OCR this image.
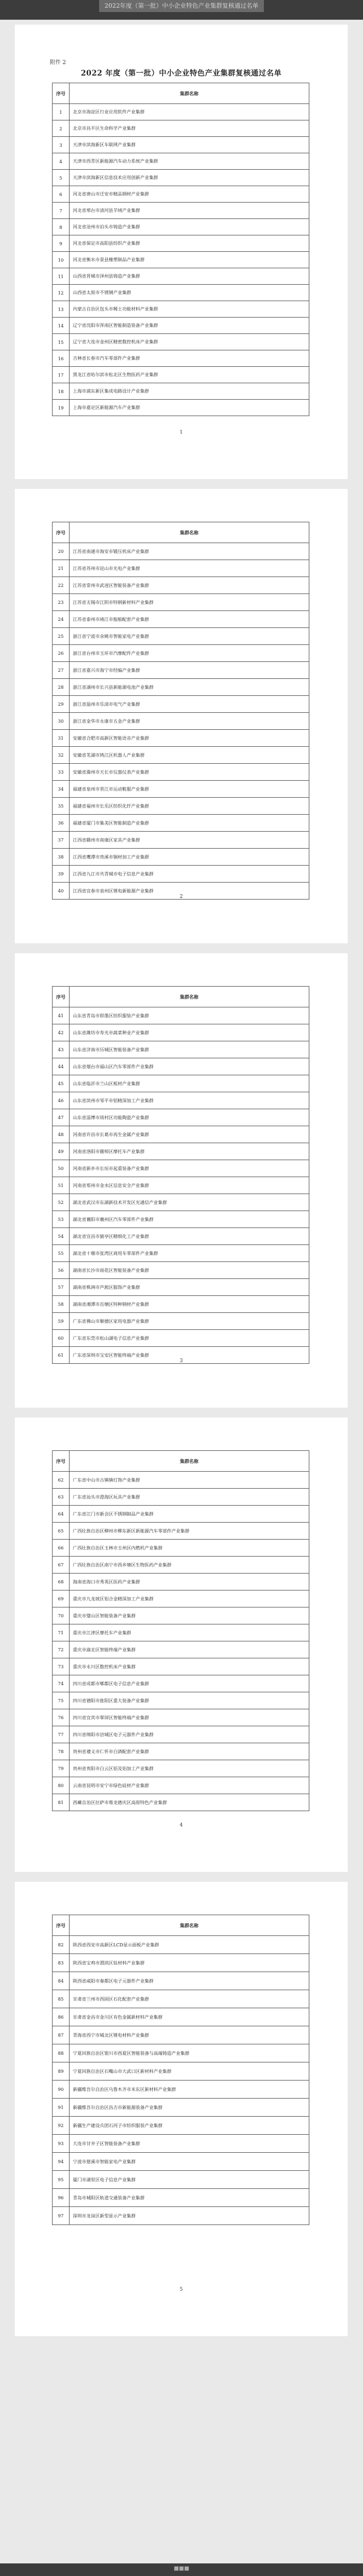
2022年度（第一批）中小企业特色产业集群复核通过名单
附件 2
2022 年度（第一批）中小企业特色产业集群复核通过名单
序号	集群名称
1	北京市海淀区行业应用软件产业集群
2	北京市昌平区生命科学产业集群
3	天津市滨海新区车联网产业集群
4	天津市西青区新能源汽车动力系统产业集群
5	天津市滨海新区信息技术应用创新产业集群
6	河北省唐山市迁安市精品钢材产业集群
7	河北省邢台市清河县羊绒产业集群
8	河北省沧州市泊头市铸造产业集群
9	河北省保定市高阳县纺织产业集群
10	河北省衡水市景县橡塑制品产业集群
11	山西省晋城市泽州县铸造产业集群
12	山西省太原市不锈钢产业集群
13	内蒙古自治区包头市稀土功能材料产业集群
14	辽宁省沈阳市浑南区智能制造装备产业集群
15	辽宁省大连市金州区精密数控机床产业集群
16	吉林省长春市汽车零部件产业集群
17	黑龙江省哈尔滨市松北区生物医药产业集群
18	上海市浦东新区集成电路设计产业集群
19	上海市嘉定区新能源汽车产业集群
1
序号	集群名称
20	江苏省南通市海安市锻压机床产业集群
21	江苏省苏州市昆山市光电产业集群
22	江苏省常州市武进区智能装备产业集群
23	江苏省无锡市江阴市特钢新材料产业集群
24	江苏省泰州市靖江市船舶配套产业集群
25	浙江省宁波市余姚市智能家电产业集群
26	浙江省台州市玉环市汽摩配件产业集群
27	浙江省嘉兴市海宁市经编产业集群
28	浙江省湖州市长兴县新能源电池产业集群
29	浙江省温州市乐清市电气产业集群
30	浙江省金华市永康市五金产业集群
31	安徽省合肥市高新区智能语音产业集群
32	安徽省芜湖市鸠江区机器人产业集群
33	安徽省滁州市天长市仪器仪表产业集群
34	福建省泉州市晋江市运动鞋服产业集群
35	福建省福州市长乐区纺织化纤产业集群
36	福建省厦门市集美区智能制造产业集群
37	江西省赣州市南康区家具产业集群
38	江西省鹰潭市贵溪市铜材加工产业集群
39	江西省九江市共青城市电子信息产业集群
40	江西省宜春市袁州区锂电新能源产业集群
2
序号	集群名称
41	山东省青岛市即墨区纺织服装产业集群
42	山东省潍坊市寿光市蔬菜种业产业集群
43	山东省济南市历城区智能装备产业集群
44	山东省烟台市福山区汽车零部件产业集群
45	山东省临沂市兰山区板材产业集群
46	山东省滨州市邹平市铝精深加工产业集群
47	山东省淄博市周村区功能陶瓷产业集群
48	河南省许昌市长葛市再生金属产业集群
49	河南省洛阳市偃师区摩托车产业集群
50	河南省新乡市长垣市起重装备产业集群
51	河南省郑州市金水区信息安全产业集群
52	湖北省武汉市东湖新技术开发区光通信产业集群
53	湖北省襄阳市襄州区汽车零部件产业集群
54	湖北省宜昌市猇亭区精细化工产业集群
55	湖北省十堰市张湾区商用车零部件产业集群
56	湖南省长沙市雨花区智能装备产业集群
57	湖南省株洲市芦淞区服饰产业集群
58	湖南省湘潭市岳塘区特种钢材产业集群
59	广东省佛山市顺德区家用电器产业集群
60	广东省东莞市松山湖电子信息产业集群
61	广东省深圳市宝安区智能终端产业集群
3
序号	集群名称
62	广东省中山市古镇镇灯饰产业集群
63	广东省汕头市澄海区玩具产业集群
64	广东省江门市新会区不锈钢制品产业集群
65	广西壮族自治区柳州市柳东新区新能源汽车零部件产业集群
66	广西壮族自治区玉林市玉州区内燃机产业集群
67	广西壮族自治区南宁市西乡塘区生物医药产业集群
68	海南省海口市秀英区医药产业集群
69	重庆市九龙坡区铝合金精深加工产业集群
70	重庆市璧山区智能装备产业集群
71	重庆市江津区摩托车产业集群
72	重庆市渝北区智能终端产业集群
73	重庆市永川区数控机床产业集群
74	四川省成都市郫都区电子信息产业集群
75	四川省德阳市旌阳区重大装备产业集群
76	四川省宜宾市翠屏区智能终端产业集群
77	四川省绵阳市涪城区电子元器件产业集群
78	贵州省遵义市仁怀市白酒配套产业集群
79	贵州省贵阳市白云区铝及铝加工产业集群
80	云南省昆明市安宁市绿色硅材产业集群
81	西藏自治区拉萨市堆龙德庆区高原特色产业集群
4
序号	集群名称
82	陕西省西安市高新区LCD显示面板产业集群
83	陕西省宝鸡市渭滨区钛材料产业集群
84	陕西省咸阳市秦都区电子元器件产业集群
85	甘肃省兰州市西固区石化配套产业集群
86	甘肃省金昌市金川区有色金属新材料产业集群
87	青海省西宁市城北区锂电材料产业集群
88	宁夏回族自治区银川市西夏区智能装备与高端铸造产业集群
89	宁夏回族自治区石嘴山市大武口区新材料产业集群
90	新疆维吾尔自治区乌鲁木齐市米东区新材料产业集群
91	新疆维吾尔自治区昌吉市新能源装备产业集群
92	新疆生产建设兵团石河子市纺织服装产业集群
93	大连市甘井子区智能装备产业集群
94	宁波市慈溪市智能家电产业集群
95	厦门市湖里区电子信息产业集群
96	青岛市城阳区轨道交通装备产业集群
97	深圳市龙岗区新型显示产业集群
5
■■■
